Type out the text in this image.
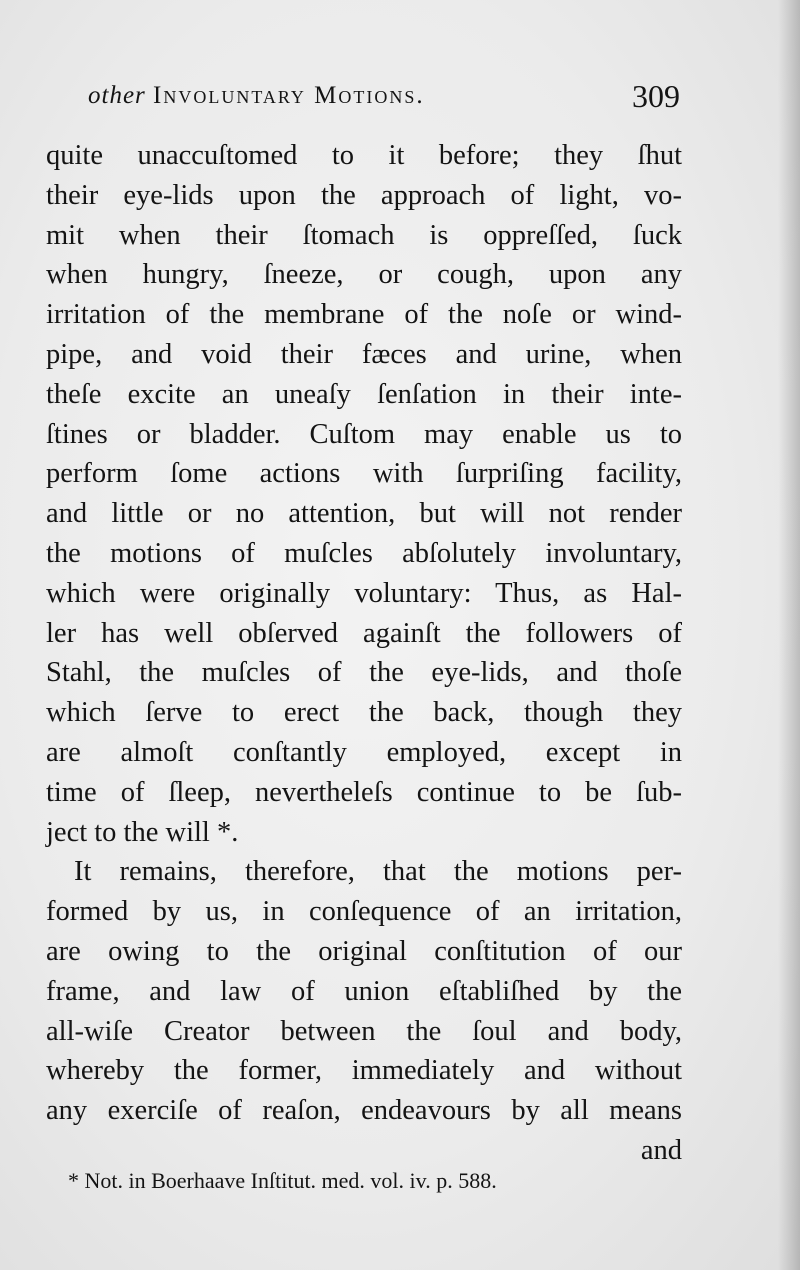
other Involuntary Motions.	309
quite unaccuſtomed to it before; they ſhut
their eye-lids upon the approach of light, vo-
mit when their ſtomach is oppreſſed, ſuck
when hungry, ſneeze, or cough, upon any
irritation of the membrane of the noſe or wind-
pipe, and void their fæces and urine, when
theſe excite an uneaſy ſenſation in their inte-
ſtines or bladder. Cuſtom may enable us to
perform ſome actions with ſurpriſing facility,
and little or no attention, but will not render
the motions of muſcles abſolutely involuntary,
which were originally voluntary: Thus, as Hal-
ler has well obſerved againſt the followers of
Stahl, the muſcles of the eye-lids, and thoſe
which ſerve to erect the back, though they
are almoſt conſtantly employed, except in
time of ſleep, nevertheleſs continue to be ſub-
ject to the will *.
It remains, therefore, that the motions per-
formed by us, in conſequence of an irritation,
are owing to the original conſtitution of our
frame, and law of union eſtabliſhed by the
all-wiſe Creator between the ſoul and body,
whereby the former, immediately and without
any exerciſe of reaſon, endeavours by all means
and
* Not. in Boerhaave Inſtitut. med. vol. iv. p. 588.
